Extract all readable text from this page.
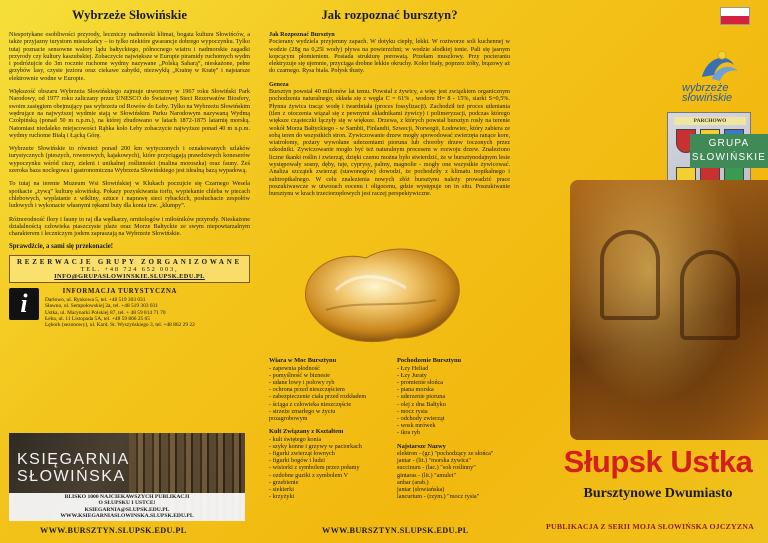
Wybrzeże Słowińskie

Niespotykane osobliwości przyrody, leczniczy nadmorski klimat, bogata kultura Słowińców, a także przyjazny turystom mieszkańcy – to tylko niektóre gwarancje dobrego wypoczynku. Tylko tutaj poznacie sensowne walory lądu bałtyckiego, północnego wiatru i nadmorskie zagadki przyrody czy kultury kaszubskiej. Zobaczycie największe w Europie piramidy ruchomych wydm i podróżujcie do 3m rocznie ruchome wydmy nazywane „Polską Saharą”, nieskażone, pełne grzybów lasy, czyste jeziora oraz ciekawe zabytki, niezwykłą „Krainę w Kratę” i najstarsze elektrownie wodne w Europie.

Większość obszaru Wybrzeża Słowińskiego zajmuje utworzony w 1967 roku Słowiński Park Narodowy, od 1977 roku zaliczany przez UNESCO do Światowej Sieci Rezerwatów Biosfery, swoim zasięgiem obejmujący pas wybrzeża od Rowów do Łeby. Tylko na Wybrzeżu Słowińskim wędrujące na najwyższej wydmie stają w Słowińskim Parku Narodowym nazywaną Wydmą Czołpińską (ponad 50 m n.p.m.), na której zbudowano w latach 1872-1875 latarnię morską. Natomiast niedaleko miejscowości Rąbka koło Łeby zobaczycie najwyższe ponad 40 m n.p.m. wydmy ruchome Białą i Łącką Górę.

Wybrzeże Słowińskie to również ponad 200 km wytyczonych i oznakowanych szlaków turystycznych (pieszych, rowerowych, kajakowych), które przyciągają prawdziwych koneserów wypoczynku wśród ciszy, zieleni i unikalnej roślinności (malina moroszka) oraz fauny. Żeś szeroka baza noclegowa i gastronomiczna Wybrzeża Słowińskiego jest idealną bazą wypadową.

To tutaj na terenie Muzeum Wsi Słowińskiej w Klukach poczujcie się Czarnego Wesela spotkacie „żywą” kulturę słowińską. Pokazy pozyskiwania torfu, wypiekanie chleba w piecach chlebowych, wyplatanie z wikliny, sztuce i naprawę sieci rybackich, posłuchacie zespołów ludowych i wykonacie własnymi rękami buty dla konia tzw. „klumpy”.

Różnorodność flory i fauny to raj dla wędkarzy, ornitologów i miłośników przyrody. Nieskażone działalnością człowieka piaszczyste plaże oraz Morze Bałtyckie ze swym niepowtarzalnym charakterem i leczniczym jodem zapraszają na Wybrzeże Słowińskie.

Sprawdźcie, a sami się przekonacie!

REZERWACJE GRUPY ZORGANIZOWANE
TEL. +48 724 652 003,
INFO@GRUPASLOWINSKIE.SLUPSK.EDU.PL
i	INFORMACJA TURYSTYCZNA
Darłowo, ul. Rynkowa 5, tel. +48 519 303 031
Sławno, ul. Sempołowskiej 2a, tel. +48 519 303 031
Ustka, ul. Marynarki Polskiej 87, tel. + 48 59 814 71 70
Łeba, ul. 11 Listopada 5A, tel. +48 59 866 25 65
Lębork (sezonowy), ul. Kard. St. Wyszyńskiego 3, tel. +48 862 29 22
KSIĘGARNIA
SŁOWIŃSKA
BLISKO 1000 NAJCIEKAWSZYCH PUBLIKACJI
O SŁUPSKU I USTCE!
KSIEGARNIA@SLUPSK.EDU.PL
WWW.KSIEGARNIASLOWINSKA.SLUPSK.EDU.PL
WWW.BURSZTYN.SLUPSK.EDU.PL
Jak rozpoznać bursztyn?

Jak Rozpoznać Bursztyn

Pocierany wydziela przyjemny zapach. W dotyku ciepły, lekki. W roztworze soli kuchennej w wodzie (28g na 0,25l wody) pływa na powierzchni; w wodzie słodkiej tonie. Pali się jasnym kopcącym płomieniem. Posiada strukturę porowatą. Przełam muszlowy. Przy pocieraniu elektryzuje się ujemnie, przyciąga drobne lekkie okruchy. Kolor biały, poprzez żółty, brązowy aż do czarnego. Rysa biała. Połysk tłusty.

Geneza

Bursztyn powstał 40 milionów lat temu. Powstał z żywicy, a więc jest związkiem organicznym pochodzenia naturalnego; składa się z węgla C = 61% , wodoru H= 8 - 15%, siarki S=0,5%. Płynna żywica tracąc wodę i twardniała (proces fossylizacji). Zachodził też proces utleniania (tlen z otoczenia wiązał się z pewnymi składnikami żywicy) i polimeryzacji, podczas którego większe cząsteczki łączyły się w większe. Drzewa, z których powstał bursztyn rosły na terenie wokół Morza Bałtyckiego - w Sambii, Finlandii, Szwecji, Norwegii, Łodowiec, który zabiera ze sobą teren do wszystkich stron. Zywiczowanie drzew mogły spowodować zwierzęta ranące kore, wiatrołomy, pożary wywołane uderzeniami pioruna lub choroby drzew toczonych przez szkodniki. Zywiczowanie mogło być też naturalnym procesem w rozwoju drzew. Znaleziono liczne tkanki roślin i zwierząt, dzięki czemu można było stwierdzić, że w bursztynodajnym lesie występowały sosny, dęby, tuje, cyprysy, palmy, magnolie - mogły one wszystkie żywicować. Analiza szczątek zwierząt (stawonogów) dowodzi, że pochodziły z klimatu tropikalnego i subtropikalnego. W celu znalezienia nowych złóż bursztynu należy prowadzić prace poszukiwawcze w utworach eocenu i oligocenu, gdzie występuje on in situ. Poszukiwanie bursztynu w krach trzeciorzędowych jest raczej perspektywiczne.

WWW.BURSZTYN.SLUPSK.EDU.PL
Wiara w Moc Bursztynu
- zapewnia płodność
- pomyślność w biznesie
- udane łowy i połowy ryb
- ochrona przed nieszczęściem
- zabezpieczenie ciała przed rozkładem
- ściąga z człowieka nieszczęście
- strzeże zmarłego w życiu
pozagrobowym
Kult Związany z Kształtem
- kult świętego konia
- szyky konne i grzywy w paciorkach
- figurki zwierząt łownych
- figurki bogów i ludzi
- wisiorki z symbolem przez połamy
- ozdobne guziki z symbolem V
- grzebienie
- siekierki
- krzyżyki
Pochodzenie Bursztynu
- Łzy Heliad
- Łzy Juraty
- promienie słońca
- piana morska
- uderzenie pioruna
- olej z dna Bałtyku
- mocz rysia
- odchody zwierząt
- wosk mrówek
- ikra ryb
Najstarsze Nazwy
elektron - (gr.) "pochodzący ze słońca"
jantar - (lit.) "morska żywica"
succinum - (łac.) "sok roślinny"
gintaras - (lit.) "amulet"
anbar (arab.)
jantar (słowiańska)
lancurium - (rzym.) "mocz rysia"
wybrzeże
słowińskie
PARCHOWO
GRUPA
SŁOWIŃSKIE
Słupsk Ustka
Bursztynowe Dwumiasto
PUBLIKACJA Z SERII MOJA SŁOWIŃSKA OJCZYZNA
